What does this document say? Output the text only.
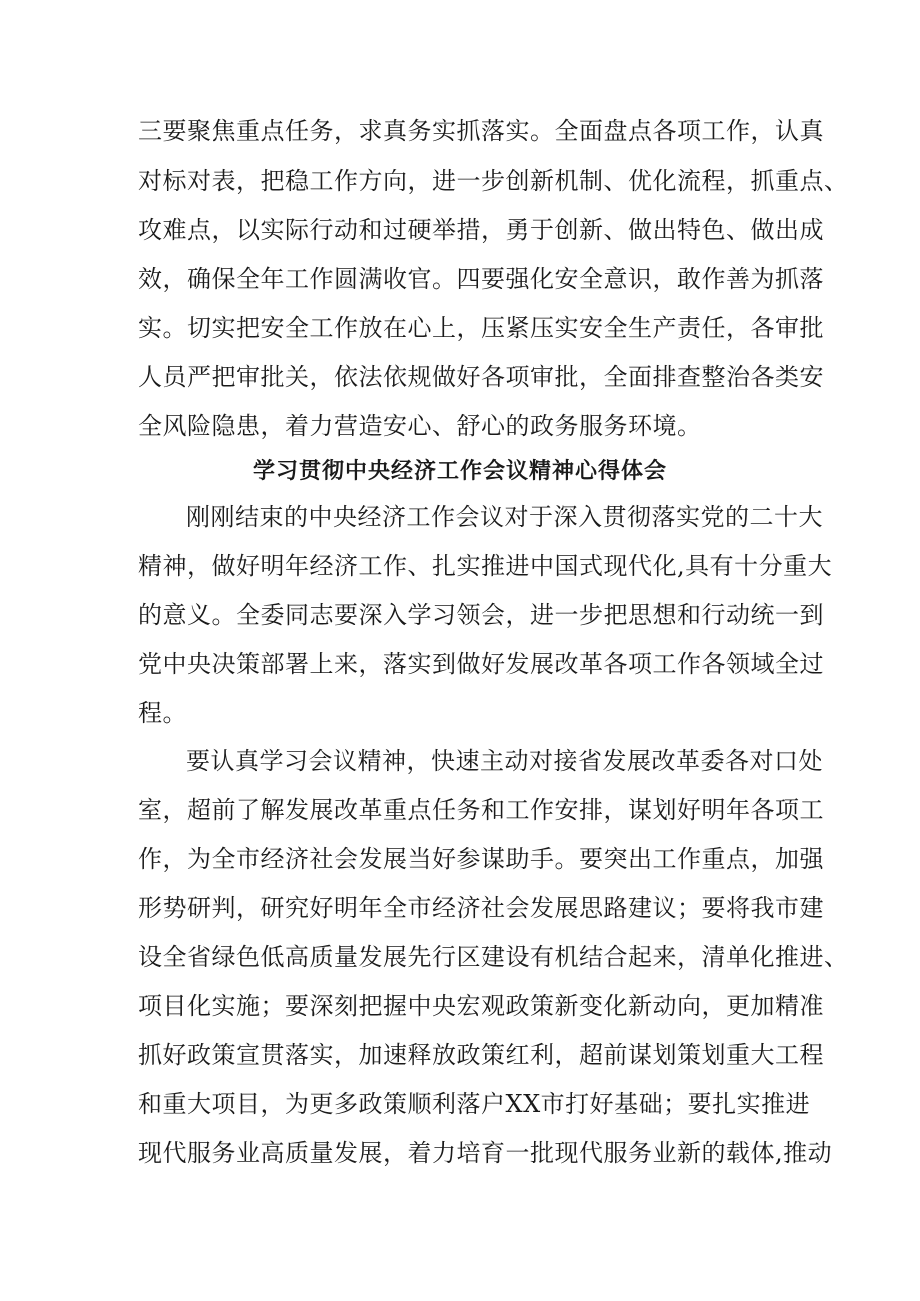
三要聚焦重点任务，求真务实抓落实。全面盘点各项工作，认真
对标对表，把稳工作方向，进一步创新机制、优化流程，抓重点、
攻难点，以实际行动和过硬举措，勇于创新、做出特色、做出成
效，确保全年工作圆满收官。四要强化安全意识，敢作善为抓落
实。切实把安全工作放在心上，压紧压实安全生产责任，各审批
人员严把审批关，依法依规做好各项审批，全面排查整治各类安
全风险隐患，着力营造安心、舒心的政务服务环境。
学习贯彻中央经济工作会议精神心得体会
刚刚结束的中央经济工作会议对于深入贯彻落实党的二十大
精神，做好明年经济工作、扎实推进中国式现代化,具有十分重大
的意义。全委同志要深入学习领会，进一步把思想和行动统一到
党中央决策部署上来，落实到做好发展改革各项工作各领域全过
程。
要认真学习会议精神，快速主动对接省发展改革委各对口处
室，超前了解发展改革重点任务和工作安排，谋划好明年各项工
作，为全市经济社会发展当好参谋助手。要突出工作重点，加强
形势研判，研究好明年全市经济社会发展思路建议；要将我市建
设全省绿色低高质量发展先行区建设有机结合起来，清单化推进、
项目化实施；要深刻把握中央宏观政策新变化新动向，更加精准
抓好政策宣贯落实，加速释放政策红利，超前谋划策划重大工程
和重大项目，为更多政策顺利落户XX市打好基础；要扎实推进
现代服务业高质量发展，着力培育一批现代服务业新的载体,推动
